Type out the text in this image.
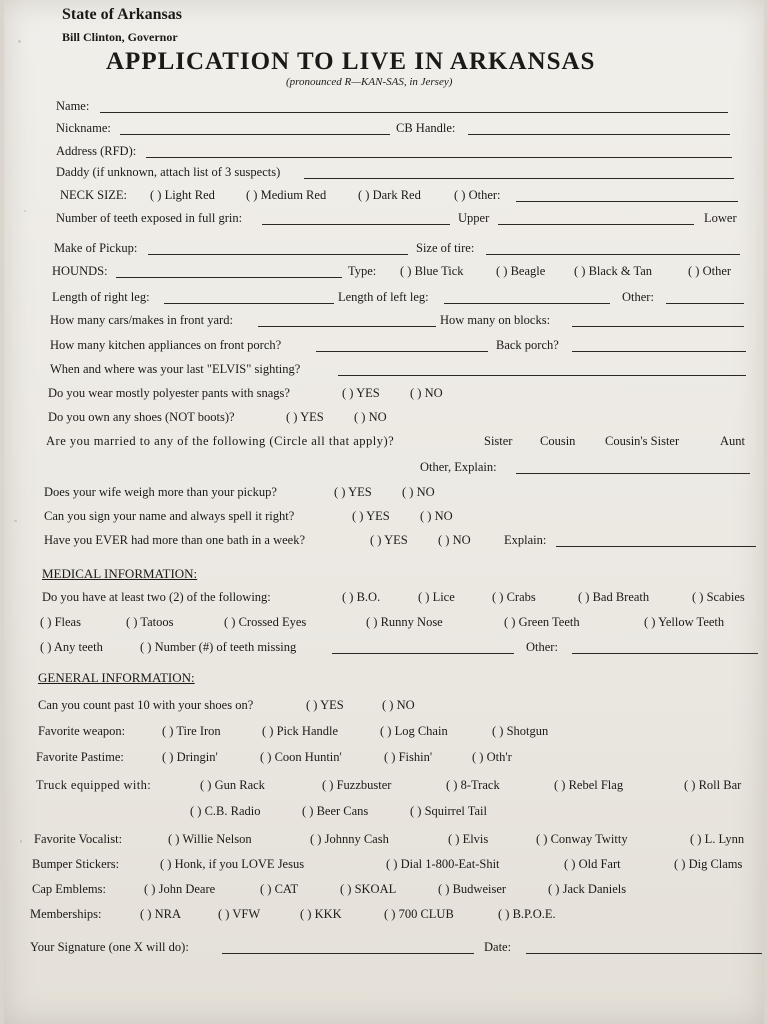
State of Arkansas
Bill Clinton, Governor
APPLICATION TO LIVE IN ARKANSAS
(pronounced R—KAN-SAS, in Jersey)
Name:
Nickname:	CB Handle:
Address (RFD):
Daddy (if unknown, attach list of 3 suspects)
NECK SIZE: ( ) Light Red ( ) Medium Red	( ) Dark Red	( ) Other:
Number of teeth exposed in full grin:	Upper	Lower
Make of Pickup:	Size of tire:
HOUNDS:	Type: ( ) Blue Tick	( ) Beagle ( ) Black & Tan	( ) Other
Length of right leg:	Length of left leg:	Other:
How many cars/makes in front yard:	How many on blocks:
How many kitchen appliances on front porch?	Back porch?
When and where was your last "ELVIS" sighting?
Do you wear mostly polyester pants with snags?	( ) YES ( ) NO
Do you own any shoes (NOT boots)?	( ) YES ( ) NO
Are you married to any of the following (Circle all that apply)?	Sister Cousin Cousin's Sister	Aunt
Other, Explain:
Does your wife weigh more than your pickup?	( ) YES ( ) NO
Can you sign your name and always spell it right?	( ) YES ( ) NO
Have you EVER had more than one bath in a week?	( ) YES ( ) NO	Explain:
MEDICAL INFORMATION:
Do you have at least two (2) of the following:	( ) B.O.	( ) Lice	( ) Crabs	( ) Bad Breath	( ) Scabies
( ) Fleas	( ) Tatoos	( ) Crossed Eyes	( ) Runny Nose	( ) Green Teeth	( ) Yellow Teeth
( ) Any teeth	( ) Number (#) of teeth missing	Other:
GENERAL INFORMATION:
Can you count past 10 with your shoes on?	( ) YES	( ) NO
Favorite weapon:	( ) Tire Iron	( ) Pick Handle	( ) Log Chain	( ) Shotgun
Favorite Pastime:	( ) Dringin'	( ) Coon Huntin'	( ) Fishin'	( ) Oth'r
Truck equipped with:	( ) Gun Rack	( ) Fuzzbuster	( ) 8-Track	( ) Rebel Flag	( ) Roll Bar
( ) C.B. Radio	( ) Beer Cans	( ) Squirrel Tail
Favorite Vocalist:	( ) Willie Nelson	( ) Johnny Cash	( ) Elvis	( ) Conway Twitty	( ) L. Lynn
Bumper Stickers:	( ) Honk, if you LOVE Jesus	( ) Dial 1-800-Eat-Shit	( ) Old Fart	( ) Dig Clams
Cap Emblems:	( ) John Deare	( ) CAT	( ) SKOAL	( ) Budweiser	( ) Jack Daniels
Memberships:	( ) NRA	( ) VFW	( ) KKK	( ) 700 CLUB	( ) B.P.O.E.
Your Signature (one X will do):	Date:
